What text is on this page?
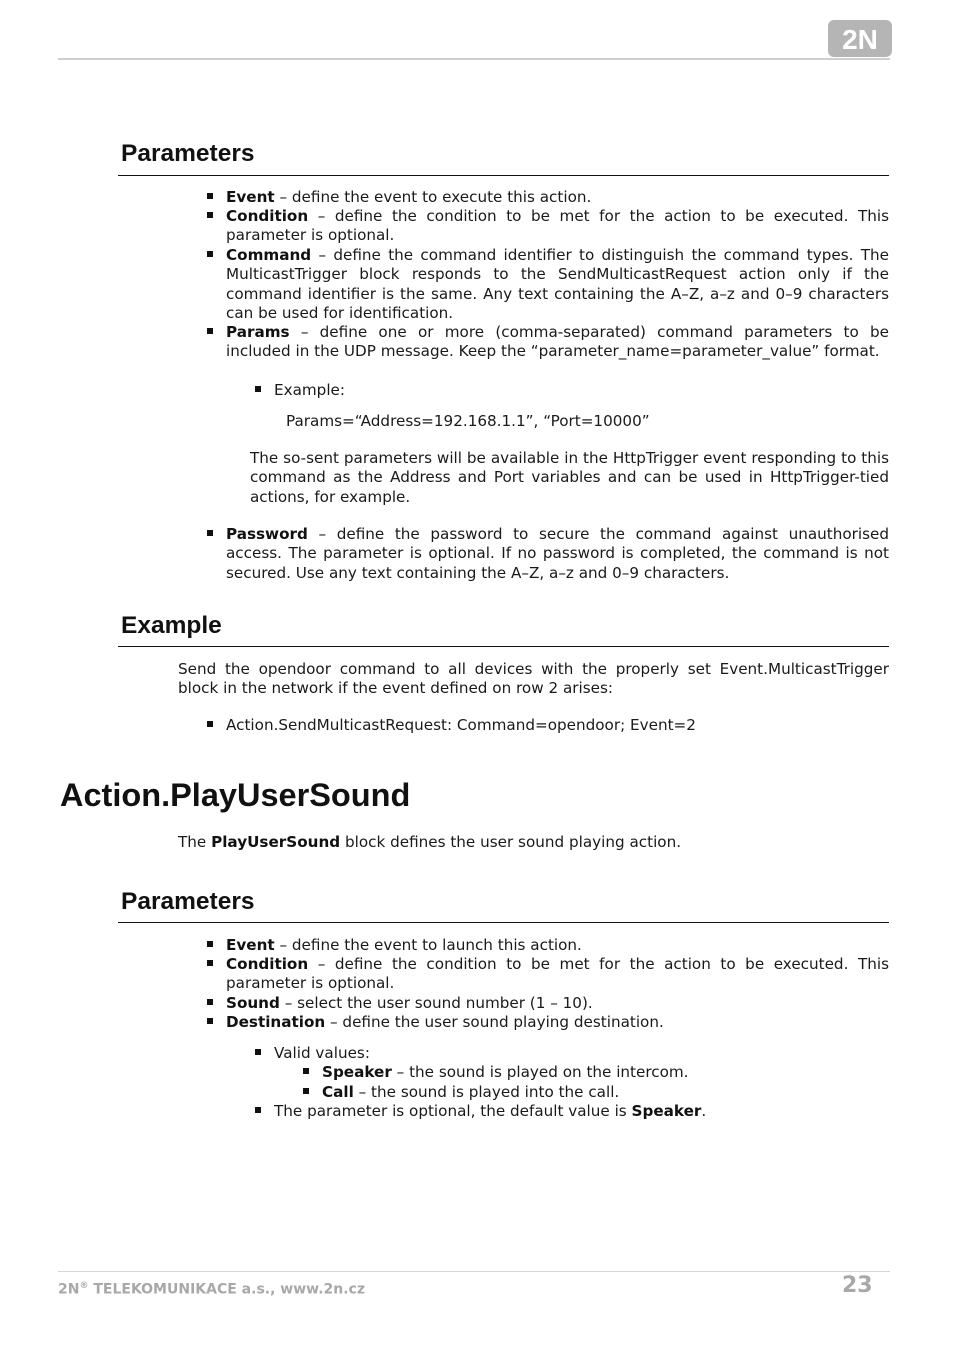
2N
Parameters
Event – define the event to execute this action.
Condition – define the condition to be met for the action to be executed. This parameter is optional.
Command – define the command identifier to distinguish the command types. The MulticastTrigger block responds to the SendMulticastRequest action only if the command identifier is the same. Any text containing the A–Z, a–z and 0–9 characters can be used for identification.
Params – define one or more (comma-separated) command parameters to be included in the UDP message. Keep the “parameter_name=parameter_value” format.
Example:
Params=“Address=192.168.1.1”, “Port=10000”
The so-sent parameters will be available in the HttpTrigger event responding to this command as the Address and Port variables and can be used in HttpTrigger-tied actions, for example.
Password – define the password to secure the command against unauthorised access. The parameter is optional. If no password is completed, the command is not secured. Use any text containing the A–Z, a–z and 0–9 characters.
Example
Send the opendoor command to all devices with the properly set Event.MulticastTrigger block in the network if the event defined on row 2 arises:
Action.SendMulticastRequest: Command=opendoor; Event=2
Action.PlayUserSound
The PlayUserSound block defines the user sound playing action.
Parameters
Event – define the event to launch this action.
Condition – define the condition to be met for the action to be executed. This parameter is optional.
Sound – select the user sound number (1 – 10).
Destination – define the user sound playing destination.
Valid values:
Speaker – the sound is played on the intercom.
Call – the sound is played into the call.
The parameter is optional, the default value is Speaker.
2N® TELEKOMUNIKACE a.s., www.2n.cz	23
